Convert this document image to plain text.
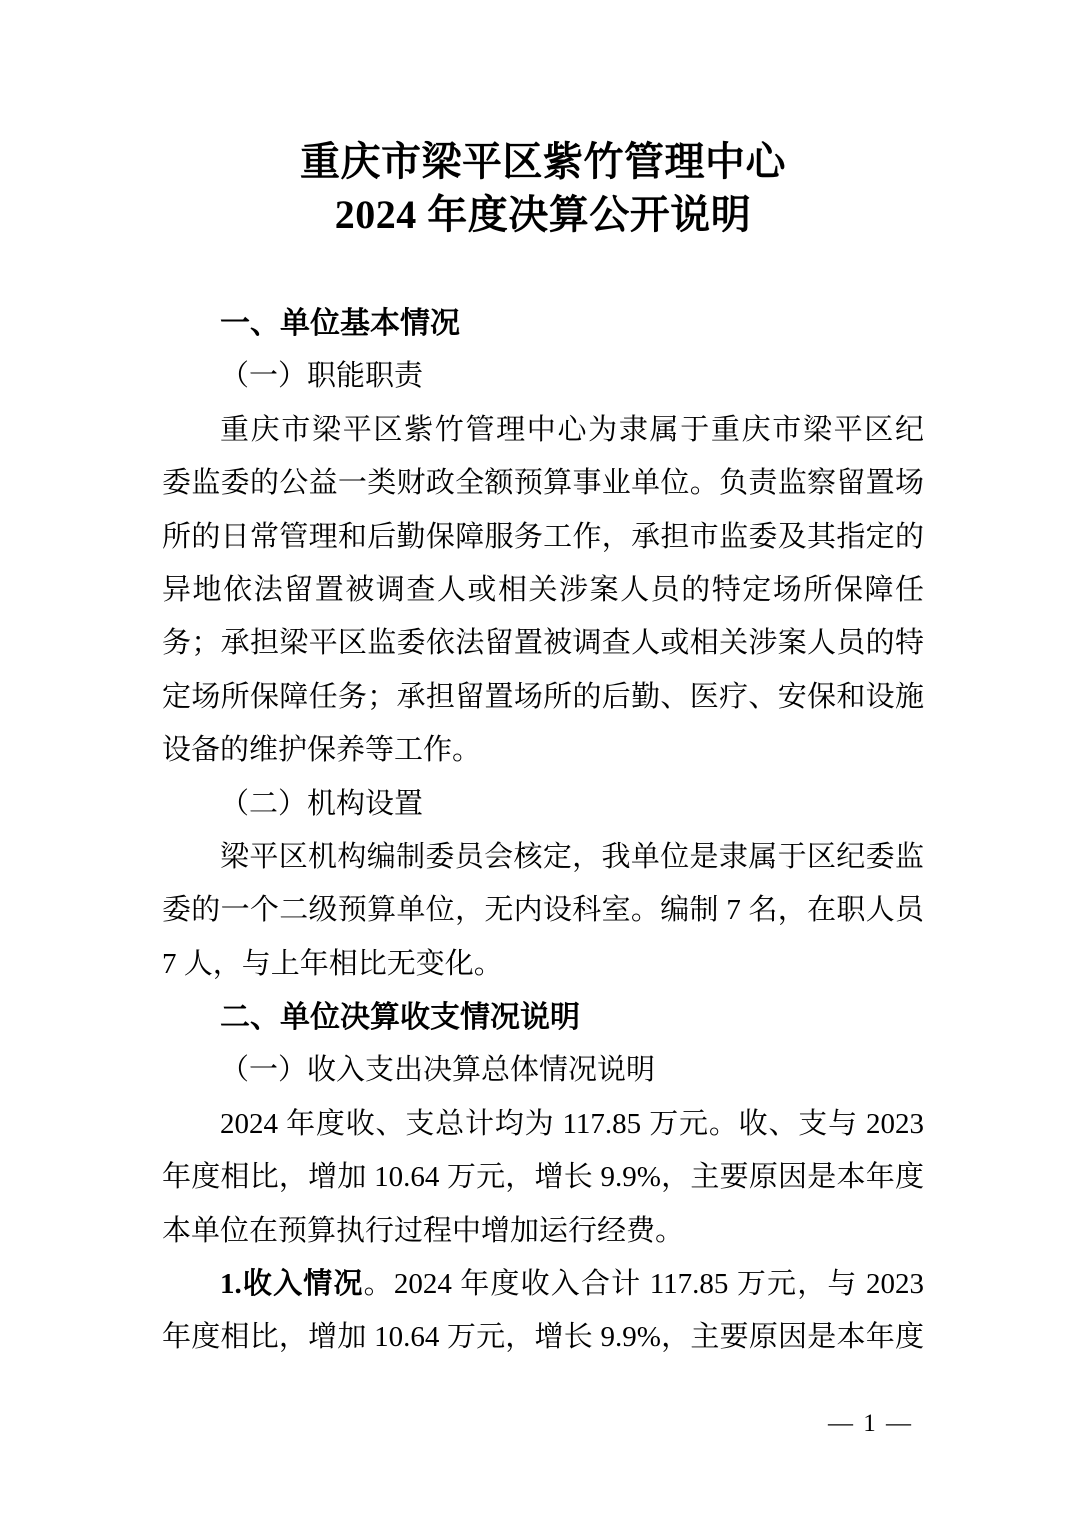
重庆市梁平区紫竹管理中心
2024 年度决算公开说明
一、单位基本情况
（一）职能职责
重庆市梁平区紫竹管理中心为隶属于重庆市梁平区纪
委监委的公益一类财政全额预算事业单位。负责监察留置场
所的日常管理和后勤保障服务工作，承担市监委及其指定的
异地依法留置被调查人或相关涉案人员的特定场所保障任
务；承担梁平区监委依法留置被调查人或相关涉案人员的特
定场所保障任务；承担留置场所的后勤、医疗、安保和设施
设备的维护保养等工作。
（二）机构设置
梁平区机构编制委员会核定，我单位是隶属于区纪委监
委的一个二级预算单位，无内设科室。编制 7 名，在职人员
7 人，与上年相比无变化。
二、单位决算收支情况说明
（一）收入支出决算总体情况说明
2024 年度收、支总计均为 117.85 万元。收、支与 2023
年度相比，增加 10.64 万元，增长 9.9%，主要原因是本年度
本单位在预算执行过程中增加运行经费。
1.收入情况。2024 年度收入合计 117.85 万元，与 2023
年度相比，增加 10.64 万元，增长 9.9%，主要原因是本年度
— 1 —
